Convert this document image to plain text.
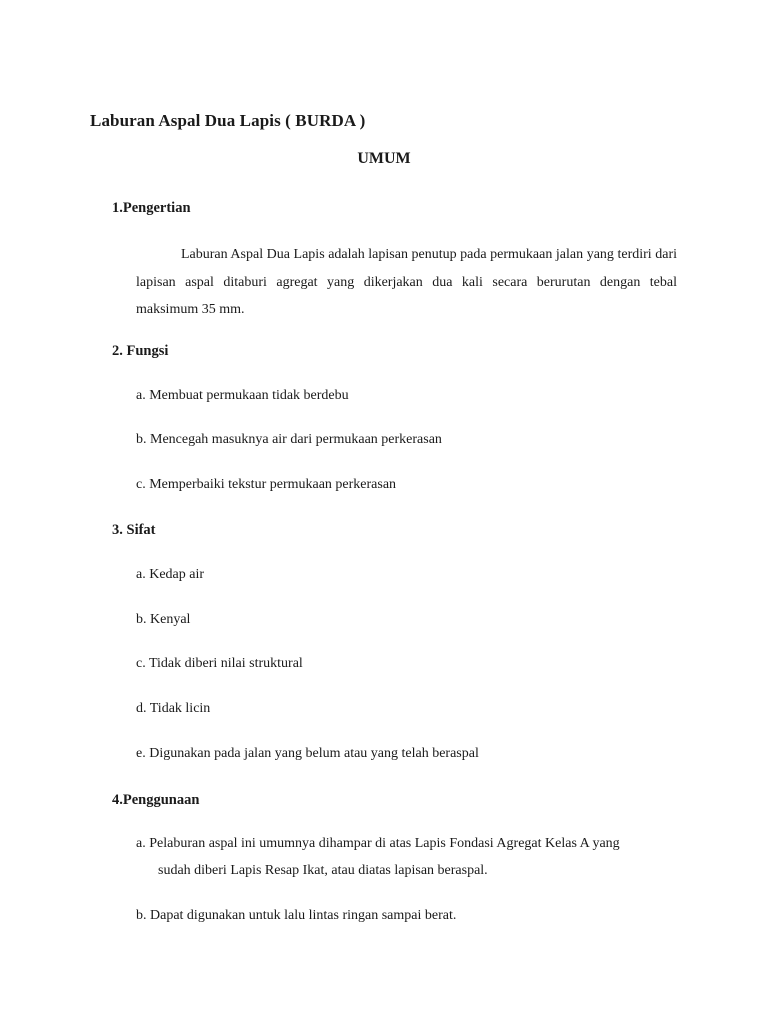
Laburan Aspal Dua Lapis ( BURDA )
UMUM
1.Pengertian
Laburan Aspal Dua Lapis adalah lapisan penutup pada permukaan jalan yang terdiri dari lapisan aspal ditaburi agregat yang dikerjakan dua kali secara berurutan dengan tebal maksimum 35 mm.
2. Fungsi
a. Membuat permukaan tidak berdebu
b. Mencegah masuknya air dari permukaan perkerasan
c. Memperbaiki tekstur permukaan perkerasan
3. Sifat
a. Kedap air
b. Kenyal
c. Tidak diberi nilai struktural
d. Tidak licin
e. Digunakan pada jalan yang belum atau yang telah beraspal
4.Penggunaan
a. Pelaburan aspal ini umumnya dihampar di atas Lapis Fondasi Agregat Kelas A yang
sudah diberi Lapis Resap Ikat, atau diatas lapisan beraspal.
b. Dapat digunakan untuk lalu lintas ringan sampai berat.
